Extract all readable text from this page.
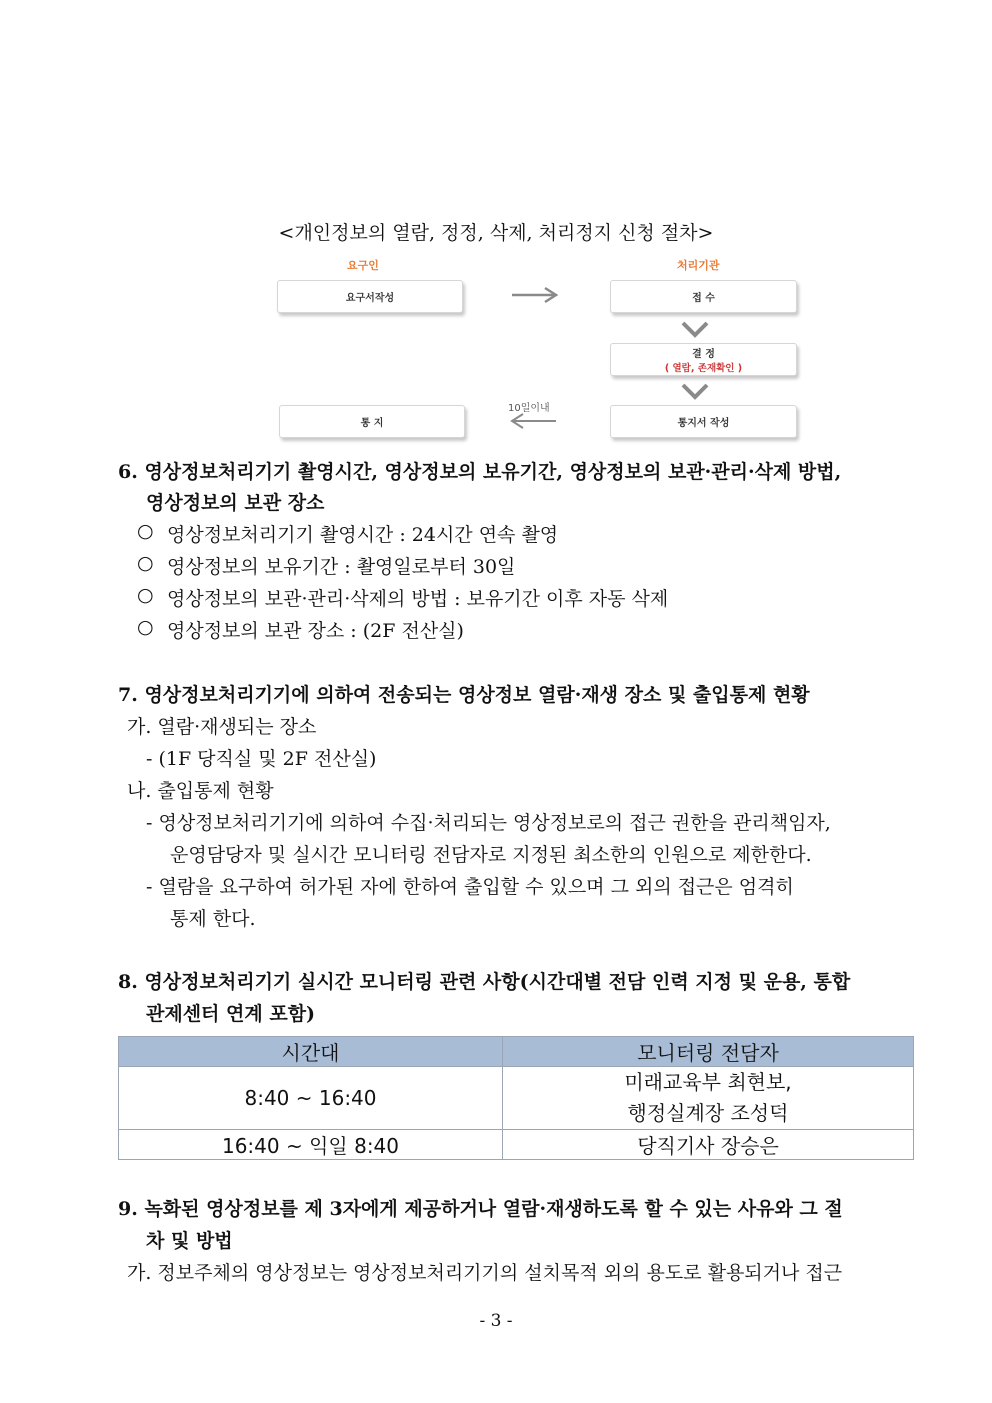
<개인정보의 열람, 정정, 삭제, 처리정지 신청 절차>
요구인	처리기관
요구서작성	접 수
결 정
( 열람, 존재확인 )
통지서 작성
통 지
10일이내
6. 영상정보처리기기 촬영시간, 영상정보의 보유기간, 영상정보의 보관·관리·삭제 방법,
영상정보의 보관 장소
○ 영상정보처리기기 촬영시간 : 24시간 연속 촬영
○ 영상정보의 보유기간 : 촬영일로부터 30일
○ 영상정보의 보관·관리·삭제의 방법 : 보유기간 이후 자동 삭제
○ 영상정보의 보관 장소 : (2F 전산실)
7. 영상정보처리기기에 의하여 전송되는 영상정보 열람·재생 장소 및 출입통제 현황
가. 열람·재생되는 장소
- (1F 당직실 및 2F 전산실)
나. 출입통제 현황
- 영상정보처리기기에 의하여 수집·처리되는 영상정보로의 접근 권한을 관리책임자,
운영담당자 및 실시간 모니터링 전담자로 지정된 최소한의 인원으로 제한한다.
- 열람을 요구하여 허가된 자에 한하여 출입할 수 있으며 그 외의 접근은 엄격히
통제 한다.
8. 영상정보처리기기 실시간 모니터링 관련 사항(시간대별 전담 인력 지정 및 운용, 통합
관제센터 연계 포함)
시간대	모니터링 전담자
8:40 ~ 16:40	미래교육부 최현보,
행정실계장 조성덕

16:40 ~ 익일 8:40	당직기사 장승은
9. 녹화된 영상정보를 제 3자에게 제공하거나 열람·재생하도록 할 수 있는 사유와 그 절
차 및 방법
가. 정보주체의 영상정보는 영상정보처리기기의 설치목적 외의 용도로 활용되거나 접근
- 3 -
